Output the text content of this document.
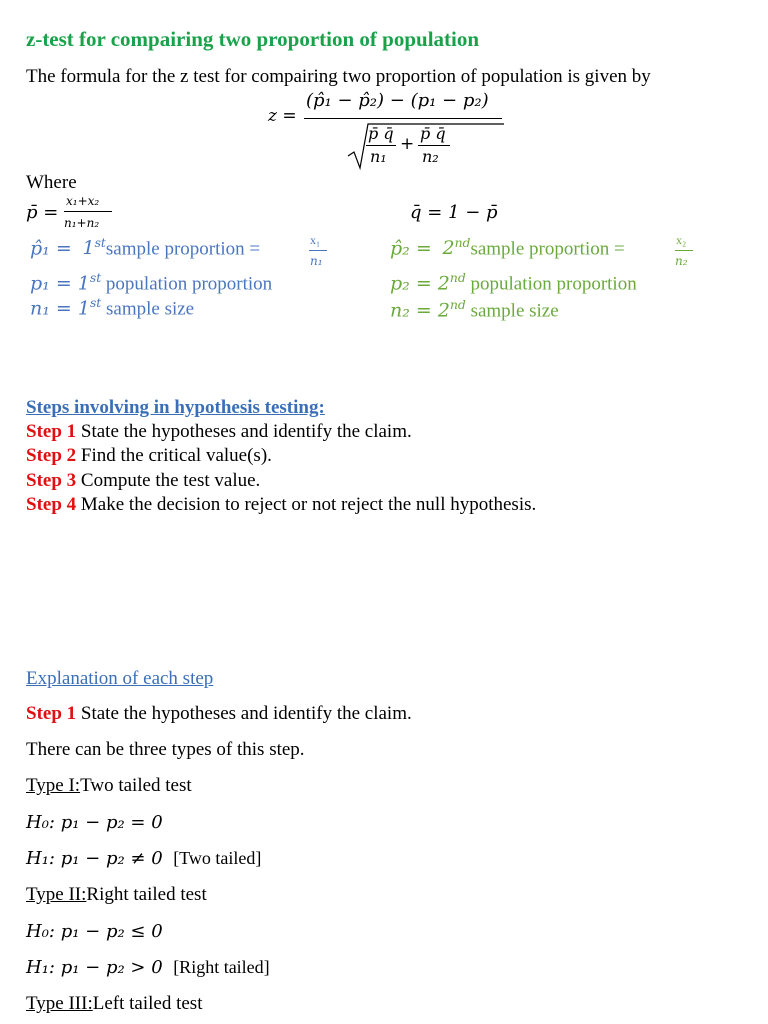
z-test for compairing two proportion of population
The formula for the z test for compairing two proportion of population is given by
z =
(p̂₁ − p̂₂) − (p₁ − p₂)
p̄ q̄
n₁
+
p̄ q̄
n₂
Where
p̄ =
x₁+x₂
n₁+n₂	q̄ = 1 − p̄
p̂₁ = 1stsample proportion =	x₁
n₁
p₁ = 1st population proportion
n₁ = 1st sample size
p̂₂ = 2ndsample proportion =	x₂
n₂
p₂ = 2nd population proportion
n₂ = 2nd sample size
Steps involving in hypothesis testing:
Step 1 State the hypotheses and identify the claim.
Step 2 Find the critical value(s).
Step 3 Compute the test value.
Step 4 Make the decision to reject or not reject the null hypothesis.
Explanation of each step
Step 1 State the hypotheses and identify the claim.
There can be three types of this step.
Type I:Two tailed test
H₀: p₁ − p₂ = 0
H₁: p₁ − p₂ ≠ 0 [Two tailed]
Type II:Right tailed test
H₀: p₁ − p₂ ≤ 0
H₁: p₁ − p₂ > 0 [Right tailed]
Type III:Left tailed test
